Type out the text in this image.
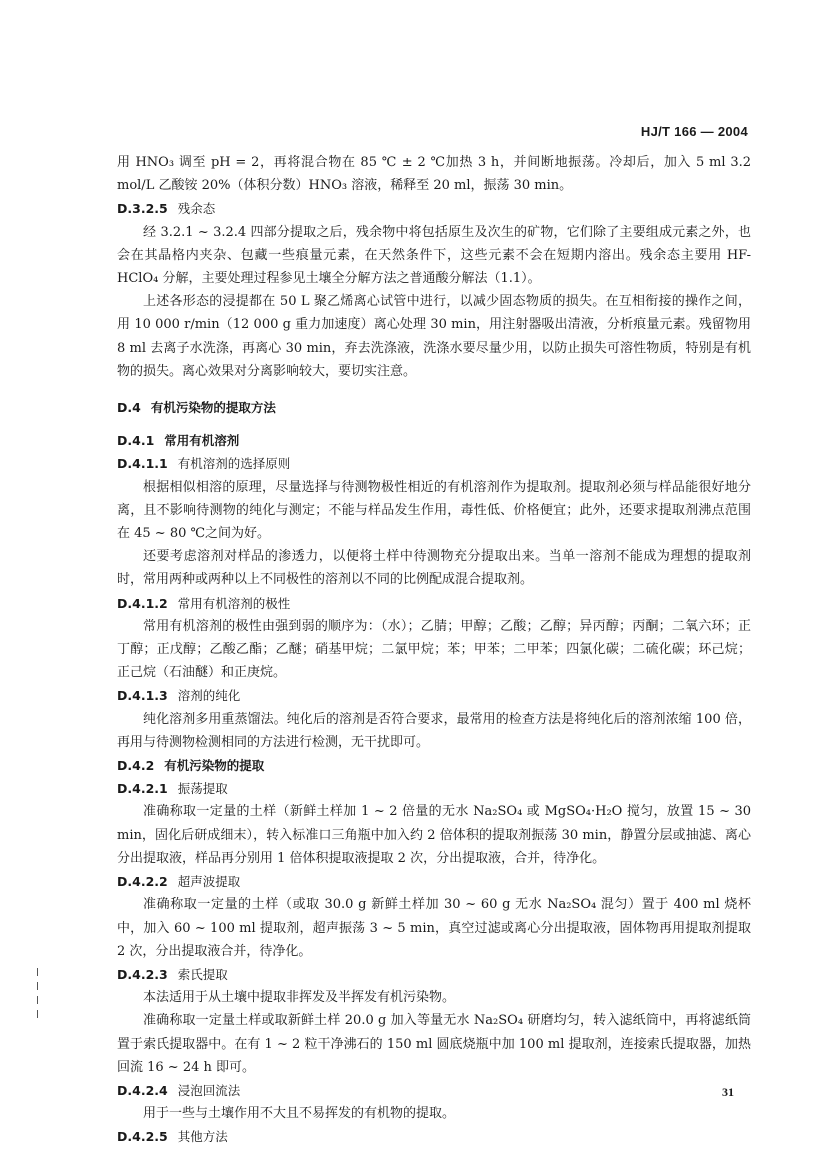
HJ/T 166 — 2004

用 HNO₃ 调至 pH = 2，再将混合物在 85 ℃ ± 2 ℃加热 3 h，并间断地振荡。冷却后，加入 5 ml 3.2 mol/L 乙酸铵 20%（体积分数）HNO₃ 溶液，稀释至 20 ml，振荡 30 min。

D.3.2.5 残余态

经 3.2.1 ~ 3.2.4 四部分提取之后，残余物中将包括原生及次生的矿物，它们除了主要组成元素之外，也会在其晶格内夹杂、包藏一些痕量元素，在天然条件下，这些元素不会在短期内溶出。残余态主要用 HF-HClO₄ 分解，主要处理过程参见土壤全分解方法之普通酸分解法（1.1）。

上述各形态的浸提都在 50 L 聚乙烯离心试管中进行，以减少固态物质的损失。在互相衔接的操作之间，用 10 000 r/min（12 000 g 重力加速度）离心处理 30 min，用注射器吸出清液，分析痕量元素。残留物用 8 ml 去离子水洗涤，再离心 30 min，弃去洗涤液，洗涤水要尽量少用，以防止损失可溶性物质，特别是有机物的损失。离心效果对分离影响较大，要切实注意。

D.4 有机污染物的提取方法
D.4.1 常用有机溶剂
D.4.1.1 有机溶剂的选择原则

根据相似相溶的原理，尽量选择与待测物极性相近的有机溶剂作为提取剂。提取剂必须与样品能很好地分离，且不影响待测物的纯化与测定；不能与样品发生作用，毒性低、价格便宜；此外，还要求提取剂沸点范围在 45 ~ 80 ℃之间为好。

还要考虑溶剂对样品的渗透力，以便将土样中待测物充分提取出来。当单一溶剂不能成为理想的提取剂时，常用两种或两种以上不同极性的溶剂以不同的比例配成混合提取剂。

D.4.1.2 常用有机溶剂的极性

常用有机溶剂的极性由强到弱的顺序为：（水）；乙腈；甲醇；乙酸；乙醇；异丙醇；丙酮；二氧六环；正丁醇；正戊醇；乙酸乙酯；乙醚；硝基甲烷；二氯甲烷；苯；甲苯；二甲苯；四氯化碳；二硫化碳；环己烷；正己烷（石油醚）和正庚烷。

D.4.1.3 溶剂的纯化

纯化溶剂多用重蒸馏法。纯化后的溶剂是否符合要求，最常用的检查方法是将纯化后的溶剂浓缩 100 倍，再用与待测物检测相同的方法进行检测，无干扰即可。

D.4.2 有机污染物的提取
D.4.2.1 振荡提取

准确称取一定量的土样（新鲜土样加 1 ~ 2 倍量的无水 Na₂SO₄ 或 MgSO₄·H₂O 搅匀，放置 15 ~ 30 min，固化后研成细末），转入标准口三角瓶中加入约 2 倍体积的提取剂振荡 30 min，静置分层或抽滤、离心分出提取液，样品再分别用 1 倍体积提取液提取 2 次，分出提取液，合并，待净化。

D.4.2.2 超声波提取

准确称取一定量的土样（或取 30.0 g 新鲜土样加 30 ~ 60 g 无水 Na₂SO₄ 混匀）置于 400 ml 烧杯中，加入 60 ~ 100 ml 提取剂，超声振荡 3 ~ 5 min，真空过滤或离心分出提取液，固体物再用提取剂提取 2 次，分出提取液合并，待净化。

D.4.2.3 索氏提取

本法适用于从土壤中提取非挥发及半挥发有机污染物。

准确称取一定量土样或取新鲜土样 20.0 g 加入等量无水 Na₂SO₄ 研磨均匀，转入滤纸筒中，再将滤纸筒置于索氏提取器中。在有 1 ~ 2 粒干净沸石的 150 ml 圆底烧瓶中加 100 ml 提取剂，连接索氏提取器，加热回流 16 ~ 24 h 即可。

D.4.2.4 浸泡回流法

用于一些与土壤作用不大且不易挥发的有机物的提取。

D.4.2.5 其他方法
31
